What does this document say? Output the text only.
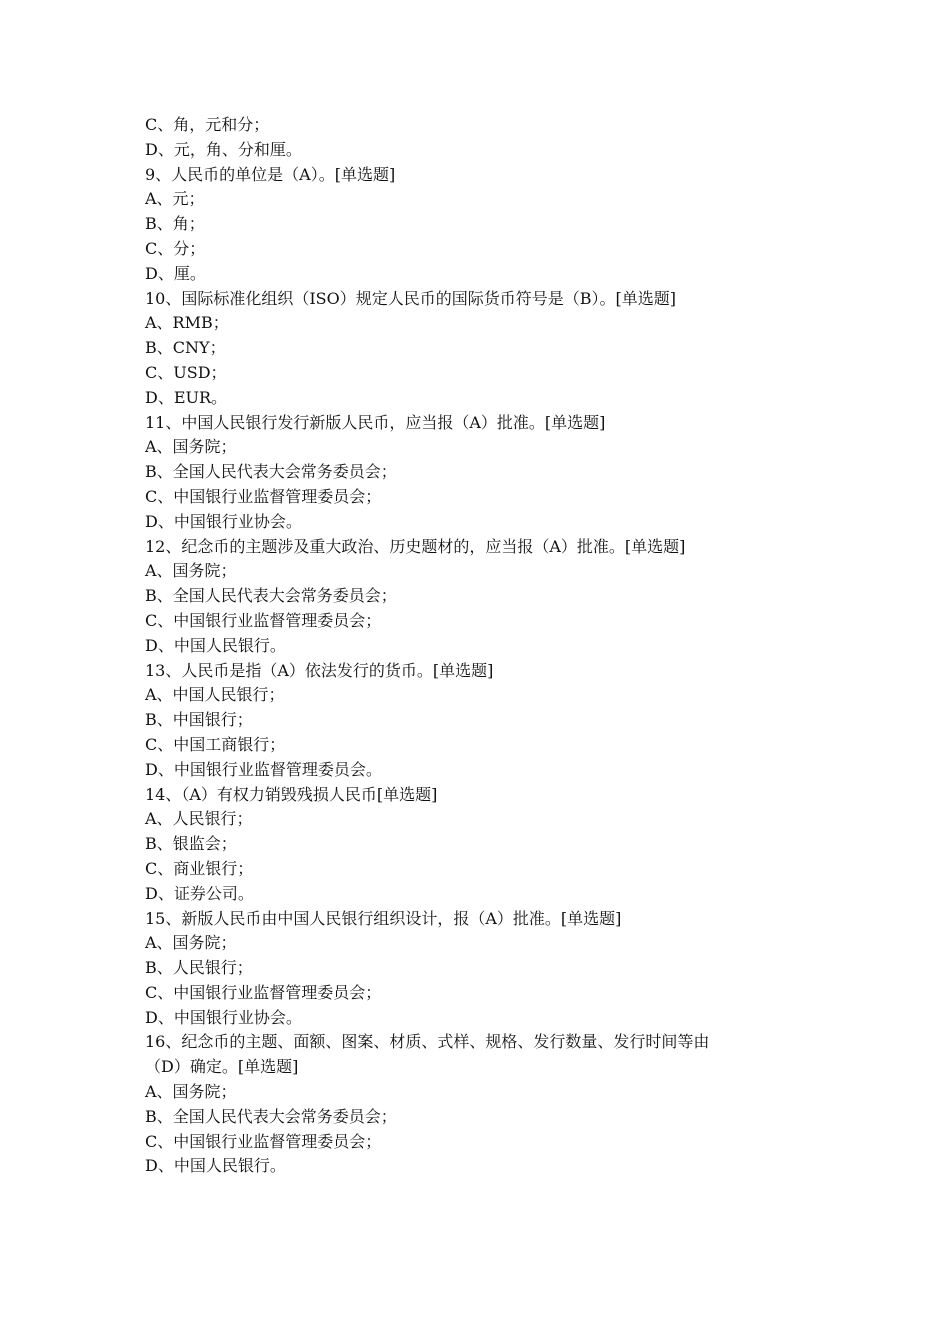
C、角，元和分；
D、元，角、分和厘。
9、人民币的单位是（A）。[单选题]
A、元；
B、角；
C、分；
D、厘。
10、国际标准化组织（ISO）规定人民币的国际货币符号是（B）。[单选题]
A、RMB；
B、CNY；
C、USD；
D、EUR。
11、中国人民银行发行新版人民币，应当报（A）批准。[单选题]
A、国务院；
B、全国人民代表大会常务委员会；
C、中国银行业监督管理委员会；
D、中国银行业协会。
12、纪念币的主题涉及重大政治、历史题材的，应当报（A）批准。[单选题]
A、国务院；
B、全国人民代表大会常务委员会；
C、中国银行业监督管理委员会；
D、中国人民银行。
13、人民币是指（A）依法发行的货币。[单选题]
A、中国人民银行；
B、中国银行；
C、中国工商银行；
D、中国银行业监督管理委员会。
14、（A）有权力销毁残损人民币[单选题]
A、人民银行；
B、银监会；
C、商业银行；
D、证券公司。
15、新版人民币由中国人民银行组织设计，报（A）批准。[单选题]
A、国务院；
B、人民银行；
C、中国银行业监督管理委员会；
D、中国银行业协会。
16、纪念币的主题、面额、图案、材质、式样、规格、发行数量、发行时间等由
（D）确定。[单选题]
A、国务院；
B、全国人民代表大会常务委员会；
C、中国银行业监督管理委员会；
D、中国人民银行。
